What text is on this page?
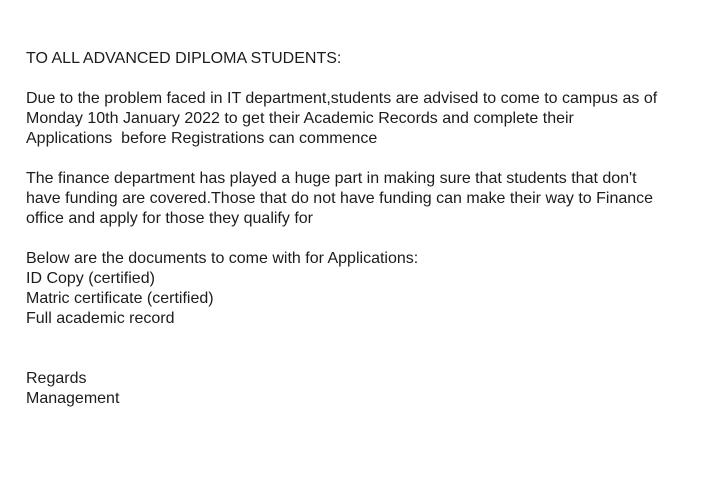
TO ALL ADVANCED DIPLOMA STUDENTS:
Due to the problem faced in IT department,students are advised to come to campus as of
Monday 10th January 2022 to get their Academic Records and complete their
Applications  before Registrations can commence
The finance department has played a huge part in making sure that students that don't
have funding are covered.Those that do not have funding can make their way to Finance
office and apply for those they qualify for
Below are the documents to come with for Applications:
ID Copy (certified)
Matric certificate (certified)
Full academic record
Regards
Management
